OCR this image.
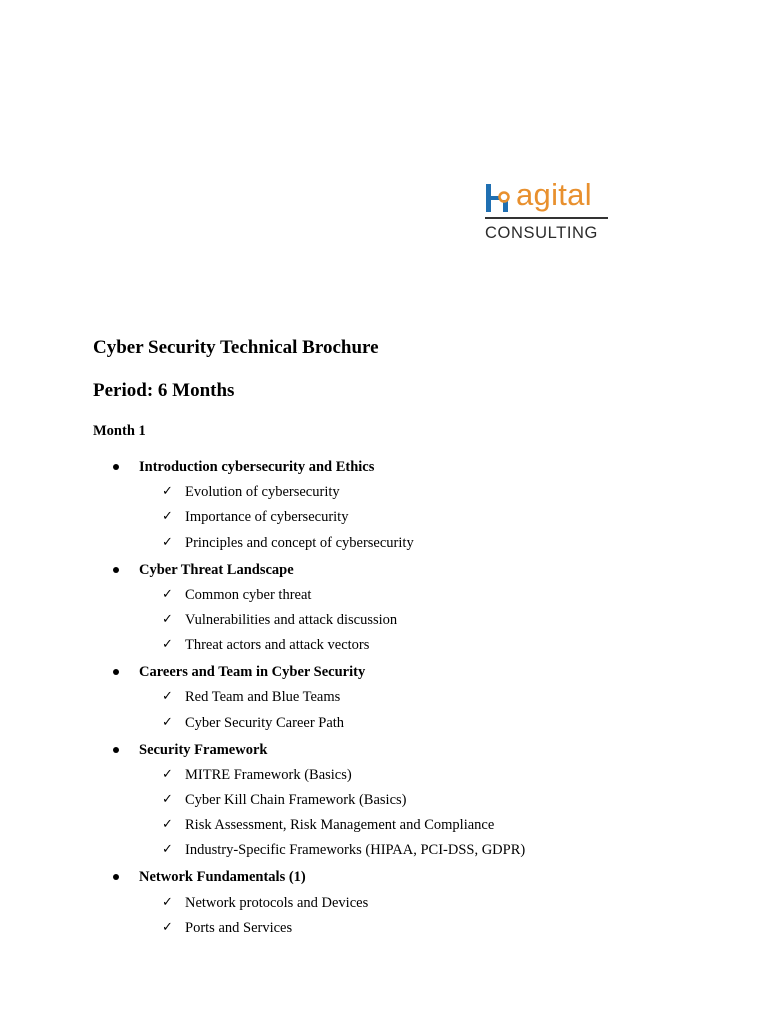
agital
CONSULTING
Cyber Security Technical Brochure
Period: 6 Months
Month 1
Introduction cybersecurity and Ethics
✓ Evolution of cybersecurity
✓ Importance of cybersecurity
✓ Principles and concept of cybersecurity
Cyber Threat Landscape
✓ Common cyber threat
✓ Vulnerabilities and attack discussion
✓ Threat actors and attack vectors
Careers and Team in Cyber Security
✓ Red Team and Blue Teams
✓ Cyber Security Career Path
Security Framework
✓ MITRE Framework (Basics)
✓ Cyber Kill Chain Framework (Basics)
✓ Risk Assessment, Risk Management and Compliance
✓ Industry-Specific Frameworks (HIPAA, PCI-DSS, GDPR)
Network Fundamentals (1)
✓ Network protocols and Devices
✓ Ports and Services
